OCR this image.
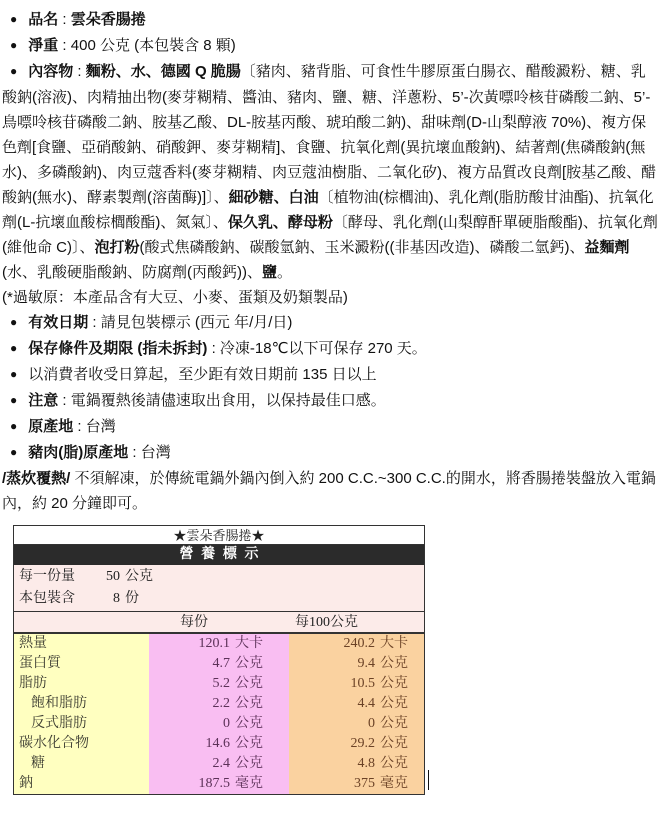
● 品名 : 雲朵香腸捲

● 淨重 : 400 公克 (本包裝含 8 顆)

● 內容物 : 麵粉、水、德國 Q 脆腸〔豬肉、豬背脂、可食性牛膠原蛋白腸衣、醋酸澱粉、糖、乳酸鈉(溶液)、肉精抽出物(麥芽糊精、醬油、豬肉、鹽、糖、洋蔥粉、5’-次黃嘌呤核苷磷酸二鈉、5’-鳥嘌呤核苷磷酸二鈉、胺基乙酸、DL-胺基丙酸、琥珀酸二鈉)、甜味劑(D-山梨醇液 70%)、複方保色劑[食鹽、亞硝酸鈉、硝酸鉀、麥芽糊精]、食鹽、抗氧化劑(異抗壞血酸鈉)、結著劑(焦磷酸鈉(無水)、多磷酸鈉)、肉豆蔻香料(麥芽糊精、肉豆蔻油樹脂、二氧化矽)、複方品質改良劑[胺基乙酸、醋酸鈉(無水)、酵素製劑(溶菌酶)]〕、細砂糖、白油〔植物油(棕櫚油)、乳化劑(脂肪酸甘油酯)、抗氧化劑(L-抗壞血酸棕櫚酸酯)、氮氣〕、保久乳、酵母粉〔酵母、乳化劑(山梨醇酐單硬脂酸酯)、抗氧化劑(維他命 C)〕、泡打粉(酸式焦磷酸鈉、碳酸氫鈉、玉米澱粉((非基因改造)、磷酸二氫鈣)、益麵劑(水、乳酸硬脂酸鈉、防腐劑(丙酸鈣))、鹽。

(*過敏原：本產品含有大豆、小麥、蛋類及奶類製品)

● 有效日期 : 請見包裝標示 (西元 年/月/日)

● 保存條件及期限 (指未拆封) : 冷凍-18℃以下可保存 270 天。

● 以消費者收受日算起，至少距有效日期前 135 日以上

● 注意 : 電鍋覆熱後請儘速取出食用，以保持最佳口感。

● 原產地 : 台灣

● 豬肉(脂)原產地 : 台灣

/蒸炊覆熱/ 不須解凍，於傳統電鍋外鍋內倒入約 200 C.C.~300 C.C.的開水，將香腸捲裝盤放入電鍋內，約 20 分鐘即可。

★雲朵香腸捲★
營養標示
每一份量	50 公克
本包裝含	8 份
每份	每100公克
熱量	120.1 大卡	240.2 大卡
蛋白質	4.7 公克	9.4 公克
脂肪	5.2 公克	10.5 公克
飽和脂肪	2.2 公克	4.4 公克
反式脂肪	0 公克	0 公克
碳水化合物	14.6 公克	29.2 公克
糖	2.4 公克	4.8 公克
鈉	187.5 毫克	375 毫克
